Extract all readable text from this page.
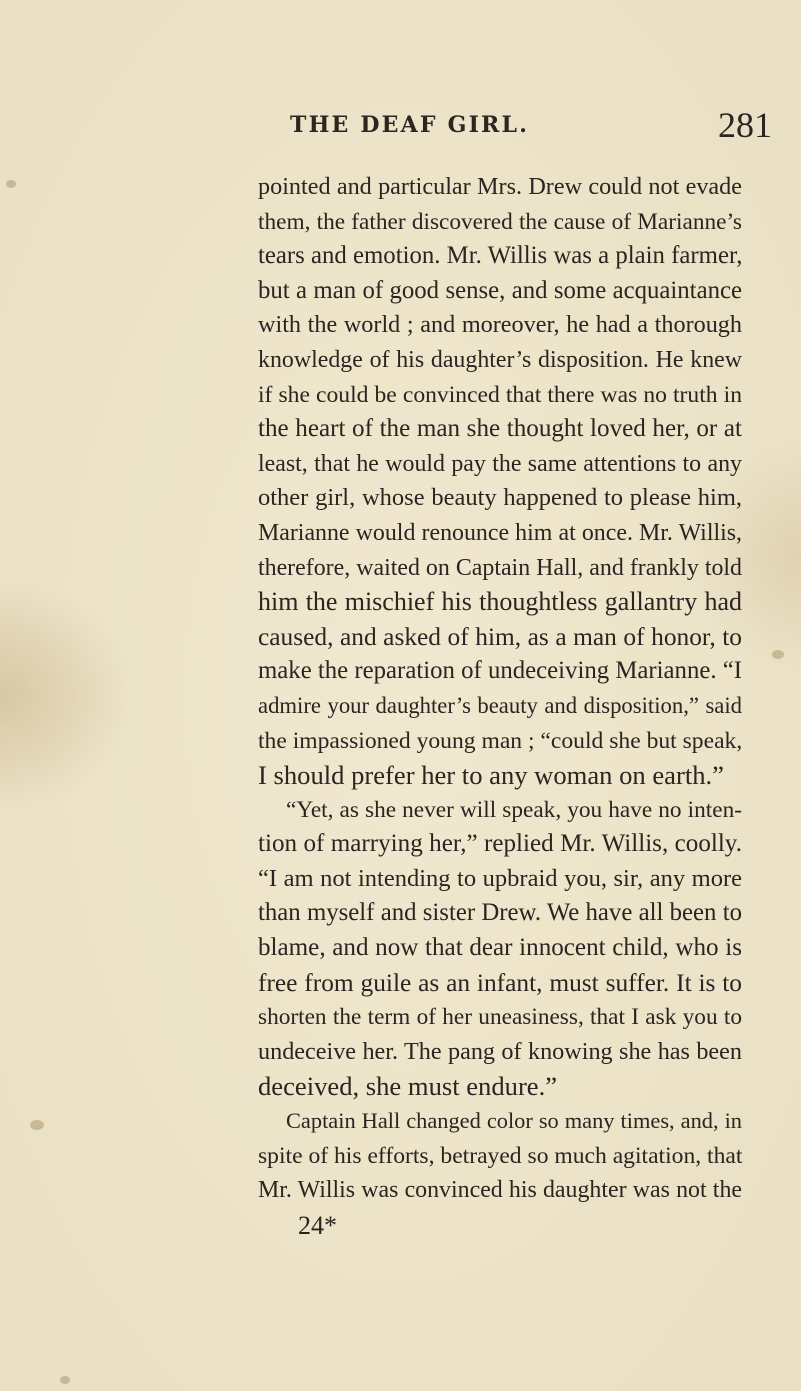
THE DEAF GIRL.	281
pointed and particular Mrs. Drew could not evade
them, the father discovered the cause of Marianne’s
tears and emotion. Mr. Willis was a plain farmer,
but a man of good sense, and some acquaintance
with the world ; and moreover, he had a thorough
knowledge of his daughter’s disposition. He knew
if she could be convinced that there was no truth in
the heart of the man she thought loved her, or at
least, that he would pay the same attentions to any
other girl, whose beauty happened to please him,
Marianne would renounce him at once. Mr. Willis,
therefore, waited on Captain Hall, and frankly told
him the mischief his thoughtless gallantry had
caused, and asked of him, as a man of honor, to
make the reparation of undeceiving Marianne. “I
admire your daughter’s beauty and disposition,” said
the impassioned young man ; “could she but speak,
I should prefer her to any woman on earth.”
“Yet, as she never will speak, you have no inten-
tion of marrying her,” replied Mr. Willis, coolly.
“I am not intending to upbraid you, sir, any more
than myself and sister Drew. We have all been to
blame, and now that dear innocent child, who is
free from guile as an infant, must suffer. It is to
shorten the term of her uneasiness, that I ask you to
undeceive her. The pang of knowing she has been
deceived, she must endure.”
Captain Hall changed color so many times, and, in
spite of his efforts, betrayed so much agitation, that
Mr. Willis was convinced his daughter was not the
24*
